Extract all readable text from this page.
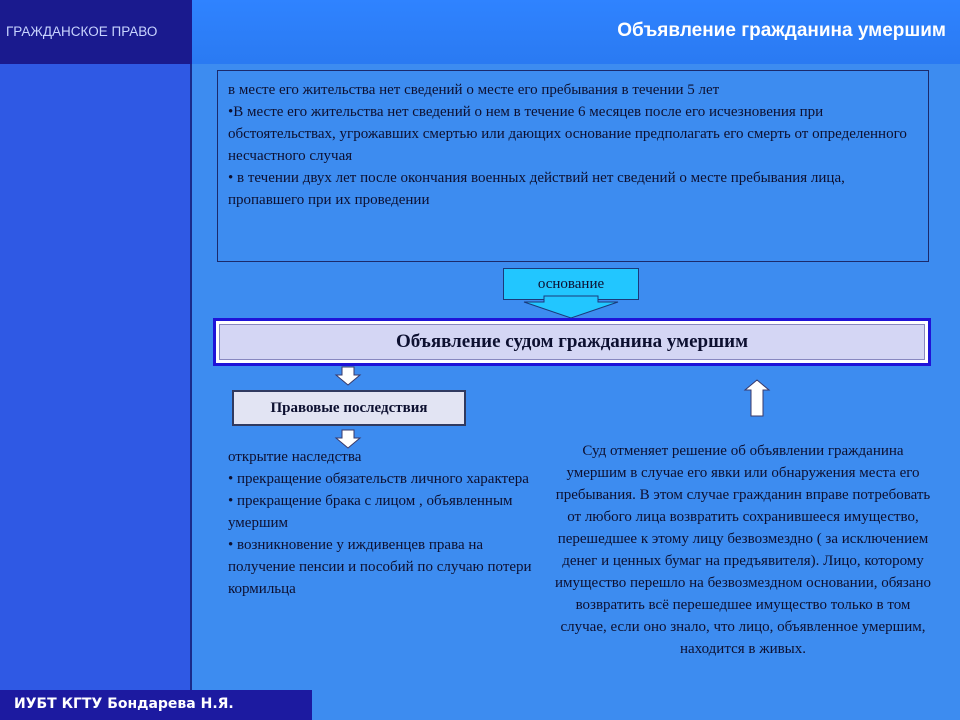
ГРАЖДАНСКОЕ ПРАВО	Объявление гражданина умершим

в месте его жительства нет сведений о месте его пребывания в течении 5 лет

•В месте его жительства нет сведений о нем в течение 6 месяцев после его исчезновения при обстоятельствах, угрожавших смертью или дающих основание предполагать его смерть от определенного несчастного случая

• в течении двух лет после окончания военных действий нет сведений о месте пребывания лица, пропавшего при их проведении

основание
Объявление судом гражданина умершим
Правовые последствия

открытие наследства

• прекращение обязательств личного характера

• прекращение брака с лицом , объявленным умершим

• возникновение у иждивенцев права на получение пенсии и пособий по случаю потери кормильца

Суд отменяет решение об объявлении гражданина умершим в случае его явки или обнаружения места его пребывания. В этом случае гражданин вправе потребовать от любого лица возвратить сохранившееся имущество, перешедшее к этому лицу безвозмездно ( за исключением денег и ценных бумаг на предъявителя). Лицо, которому имущество перешло на безвозмездном основании, обязано возвратить всё перешедшее имущество только в том случае, если оно знало, что лицо, объявленное умершим, находится в живых.

ИУБТ КГТУ Бондарева Н.Я.
